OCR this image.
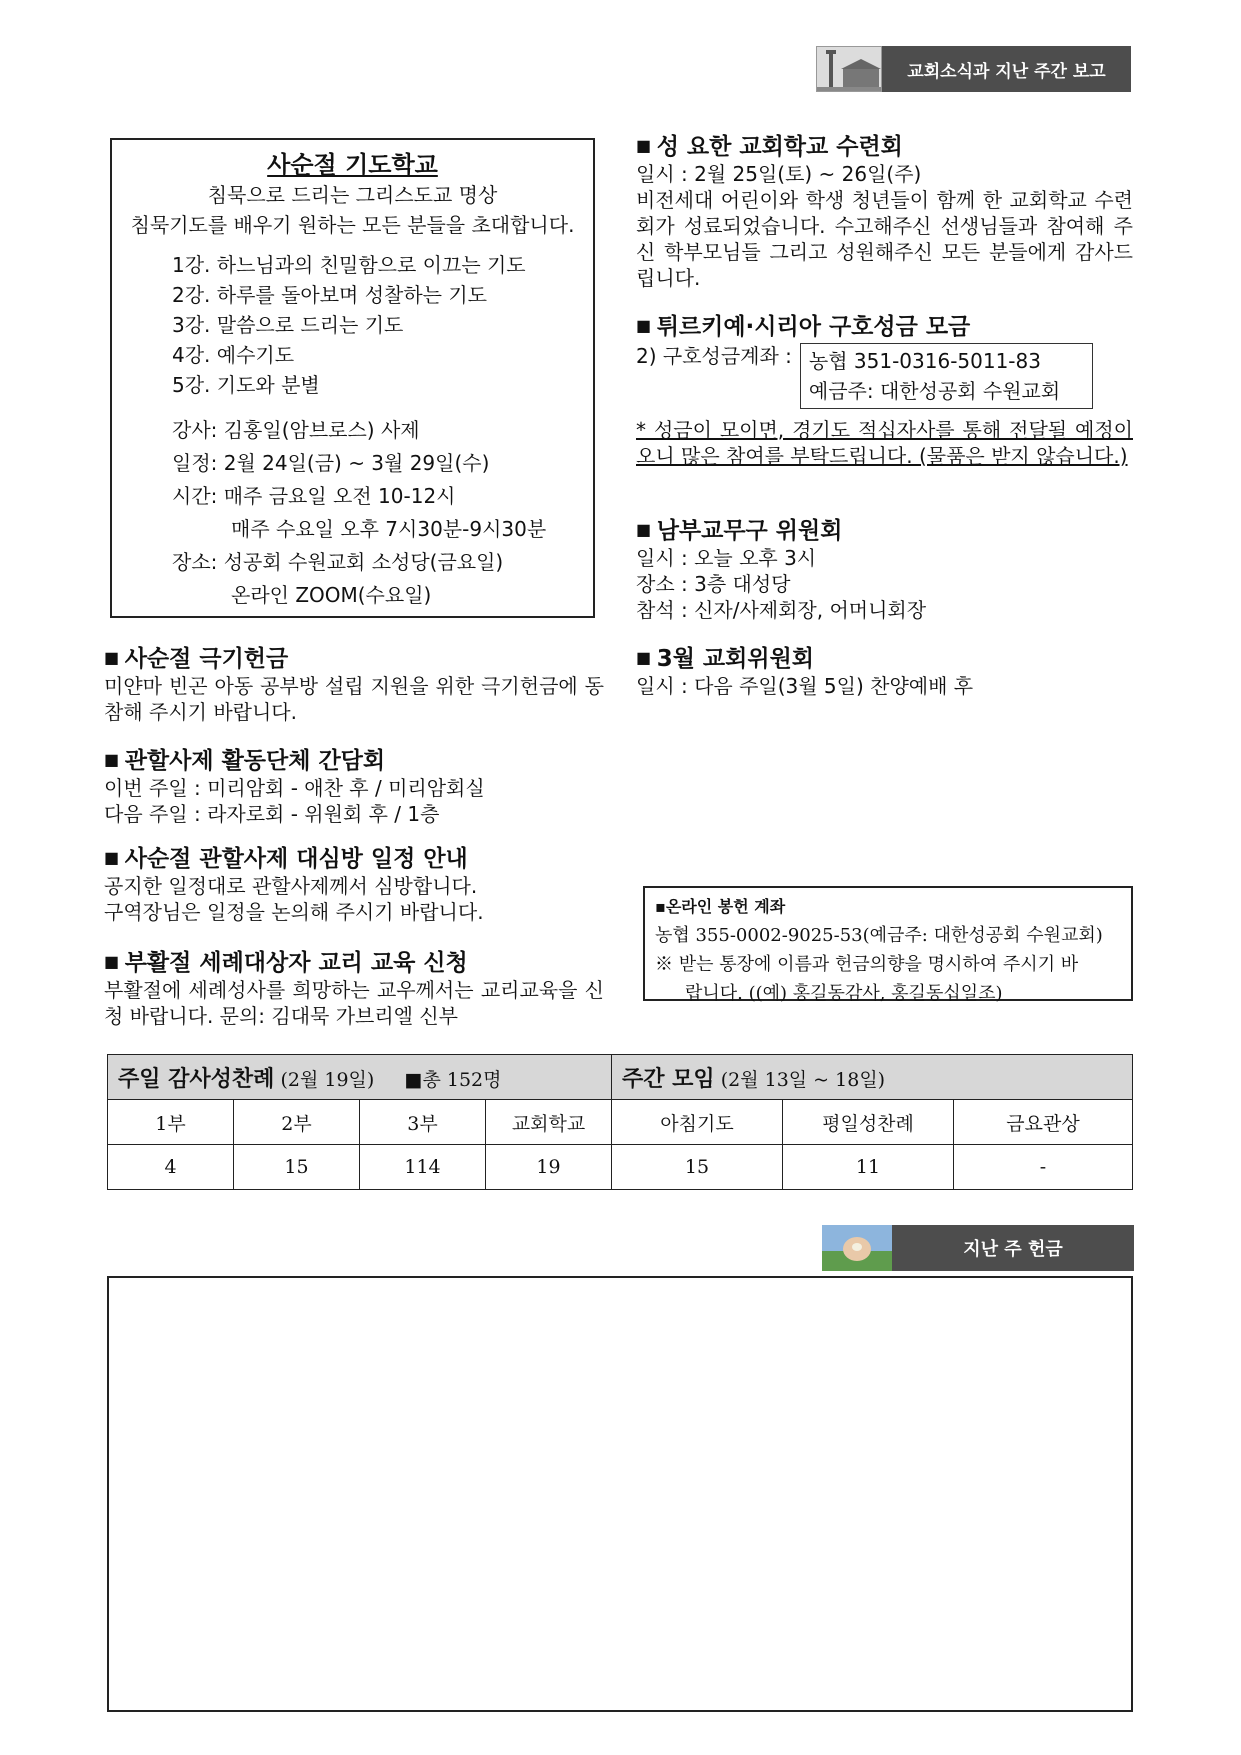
교회소식과 지난 주간 보고
사순절 기도학교
침묵으로 드리는 그리스도교 명상
침묵기도를 배우기 원하는 모든 분들을 초대합니다.
1강. 하느님과의 친밀함으로 이끄는 기도
2강. 하루를 돌아보며 성찰하는 기도
3강. 말씀으로 드리는 기도
4강. 예수기도
5강. 기도와 분별
강사: 김홍일(암브로스) 사제
일정: 2월 24일(금) ~ 3월 29일(수)
시간: 매주 금요일 오전 10-12시
매주 수요일 오후 7시30분-9시30분
장소: 성공회 수원교회 소성당(금요일)
온라인 ZOOM(수요일)
■ 사순절 극기헌금
미얀마 빈곤 아동 공부방 설립 지원을 위한 극기헌금에 동참해 주시기 바랍니다.
■ 관할사제 활동단체 간담회
이번 주일 : 미리암회 - 애찬 후 / 미리암회실
다음 주일 : 라자로회 - 위원회 후 / 1층
■ 사순절 관할사제 대심방 일정 안내
공지한 일정대로 관할사제께서 심방합니다.
구역장님은 일정을 논의해 주시기 바랍니다.
■ 부활절 세례대상자 교리 교육 신청
부활절에 세례성사를 희망하는 교우께서는 교리교육을 신청 바랍니다. 문의: 김대묵 가브리엘 신부
■ 성 요한 교회학교 수련회
일시 : 2월 25일(토) ~ 26일(주)
비전세대 어린이와 학생 청년들이 함께 한 교회학교 수련회가 성료되었습니다. 수고해주신 선생님들과 참여해 주신 학부모님들 그리고 성원해주신 모든 분들에게 감사드립니다.
■ 튀르키예·시리아 구호성금 모금
2) 구호성금계좌 : 농협 351-0316-5011-83
예금주: 대한성공회 수원교회
* 성금이 모이면, 경기도 적십자사를 통해 전달될 예정이오니 많은 참여를 부탁드립니다. (물품은 받지 않습니다.)
■ 남부교무구 위원회
일시 : 오늘 오후 3시
장소 : 3층 대성당
참석 : 신자/사제회장, 어머니회장
■ 3월 교회위원회
일시 : 다음 주일(3월 5일) 찬양예배 후
▪온라인 봉헌 계좌
농협 355-0002-9025-53(예금주: 대한성공회 수원교회)
※ 받는 통장에 이름과 헌금의향을 명시하여 주시기 바
랍니다. ((예) 홍길동감사, 홍길동십일조)
주일 감사성찬례 (2월 19일) ■총 152명				주간 모임 (2월 13일 ~ 18일)		
1부	2부	3부	교회학교	아침기도	평일성찬례	금요관상
4	15	114	19	15	11	-
지난 주 헌금
